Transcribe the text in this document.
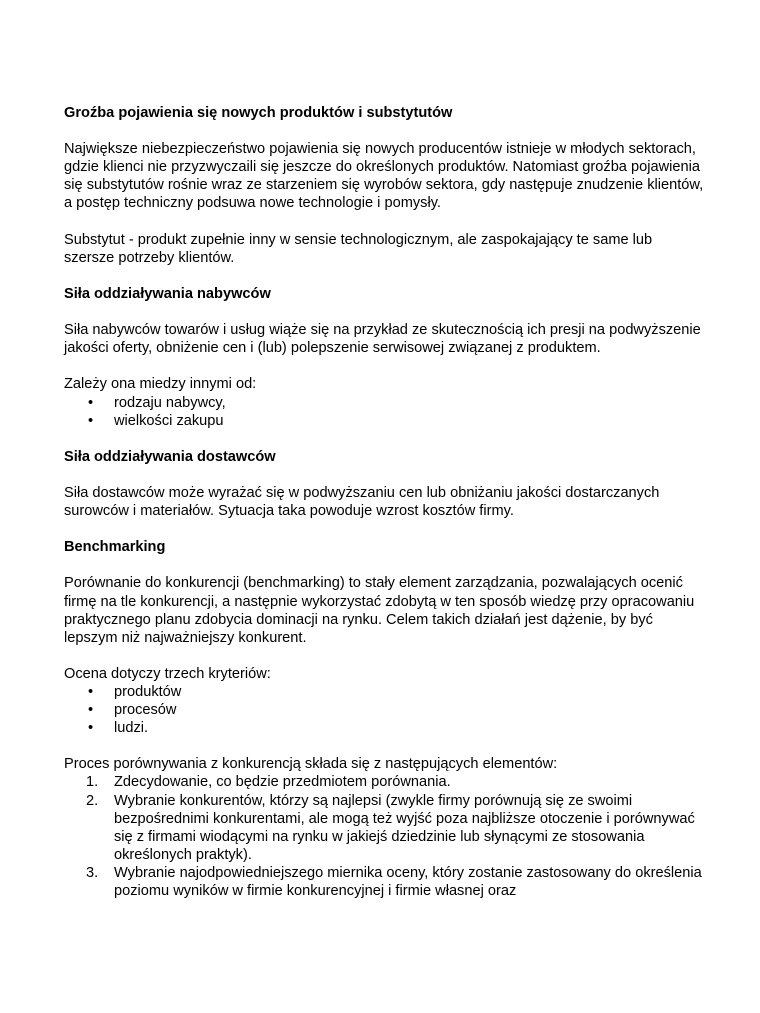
Groźba pojawienia się nowych produktów i substytutów

Największe niebezpieczeństwo pojawienia się nowych producentów istnieje w młodych sektorach, gdzie klienci nie przyzwyczaili się jeszcze do określonych produktów. Natomiast groźba pojawienia się substytutów rośnie wraz ze starzeniem się wyrobów sektora, gdy następuje znudzenie klientów, a postęp techniczny podsuwa nowe technologie i pomysły.

Substytut - produkt zupełnie inny w sensie technologicznym, ale zaspokajający te same lub szersze potrzeby klientów.

Siła oddziaływania nabywców

Siła nabywców towarów i usług wiąże się na przykład ze skutecznością ich presji na podwyższenie jakości oferty, obniżenie cen i (lub) polepszenie serwisowej związanej z produktem.

Zależy ona miedzy innymi od:

• rodzaju nabywcy,
• wielkości zakupu
Siła oddziaływania dostawców

Siła dostawców może wyrażać się w podwyższaniu cen lub obniżaniu jakości dostarczanych surowców i materiałów. Sytuacja taka powoduje wzrost kosztów firmy.

Benchmarking

Porównanie do konkurencji (benchmarking) to stały element zarządzania, pozwalających ocenić firmę na tle konkurencji, a następnie wykorzystać zdobytą w ten sposób wiedzę przy opracowaniu praktycznego planu zdobycia dominacji na rynku. Celem takich działań jest dążenie, by być lepszym niż najważniejszy konkurent.

Ocena dotyczy trzech kryteriów:

• produktów
• procesów
• ludzi.

Proces porównywania z konkurencją składa się z następujących elementów:

1. Zdecydowanie, co będzie przedmiotem porównania.
2. Wybranie konkurentów, którzy są najlepsi (zwykle firmy porównują się ze swoimi bezpośrednimi konkurentami, ale mogą też wyjść poza najbliższe otoczenie i porównywać się z firmami wiodącymi na rynku w jakiejś dziedzinie lub słynącymi ze stosowania określonych praktyk).
3. Wybranie najodpowiedniejszego miernika oceny, który zostanie zastosowany do określenia poziomu wyników w firmie konkurencyjnej i firmie własnej oraz
